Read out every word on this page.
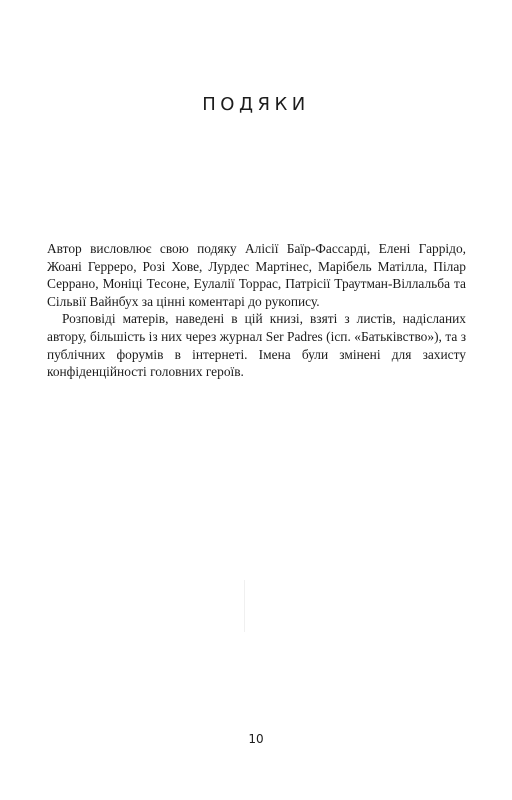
ПОДЯКИ

Автор висловлює свою подяку Алісії Баїр-Фассарді, Елені Гаррідо, Жоані Герреро, Розі Хове, Лурдес Мартінес, Марібель Матілла, Пілар Серрано, Моніці Тесоне, Еулалії Торрас, Патрісії Траутман-Віллальба та Сільвії Вайнбух за цінні коментарі до рукопису.

Розповіді матерів, наведені в цій книзі, взяті з листів, надісланих автору, більшість із них через журнал Ser Padres (ісп. «Батьківство»), та з публічних форумів в інтернеті. Імена були змінені для захисту конфіденційності головних героїв.

10
